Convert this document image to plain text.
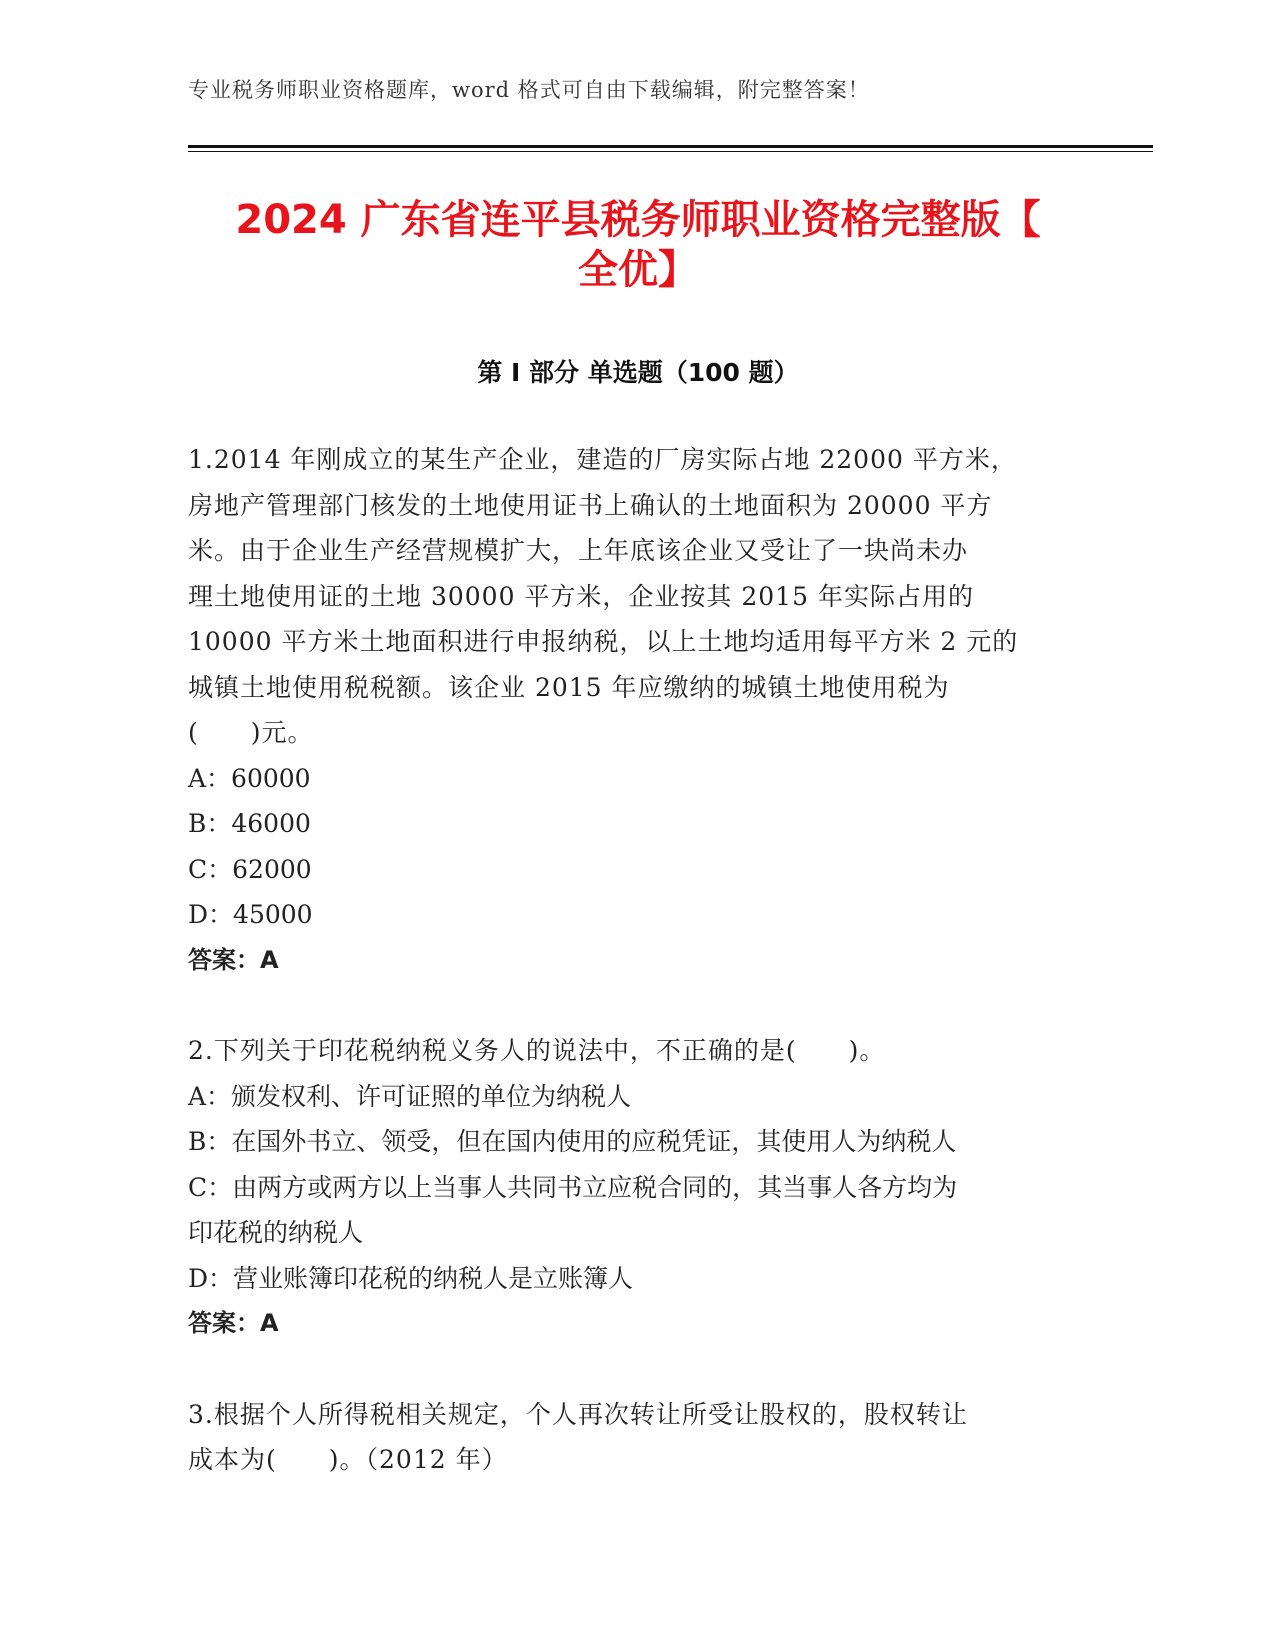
专业税务师职业资格题库，word 格式可自由下载编辑，附完整答案！
2024 广东省连平县税务师职业资格完整版【
全优】
第 I 部分 单选题（100 题）

1.2014 年刚成立的某生产企业，建造的厂房实际占地 22000 平方米，

房地产管理部门核发的土地使用证书上确认的土地面积为 20000 平方

米。由于企业生产经营规模扩大，上年底该企业又受让了一块尚未办

理土地使用证的土地 30000 平方米，企业按其 2015 年实际占用的

10000 平方米土地面积进行申报纳税，以上土地均适用每平方米 2 元的

城镇土地使用税税额。该企业 2015 年应缴纳的城镇土地使用税为

(　　)元。

A：60000

B：46000

C：62000

D：45000

答案：A

2.下列关于印花税纳税义务人的说法中，不正确的是(　　)。

A：颁发权利、许可证照的单位为纳税人

B：在国外书立、领受，但在国内使用的应税凭证，其使用人为纳税人

C：由两方或两方以上当事人共同书立应税合同的，其当事人各方均为

印花税的纳税人

D：营业账簿印花税的纳税人是立账簿人

答案：A

3.根据个人所得税相关规定，个人再次转让所受让股权的，股权转让

成本为(　　)。（2012 年）
